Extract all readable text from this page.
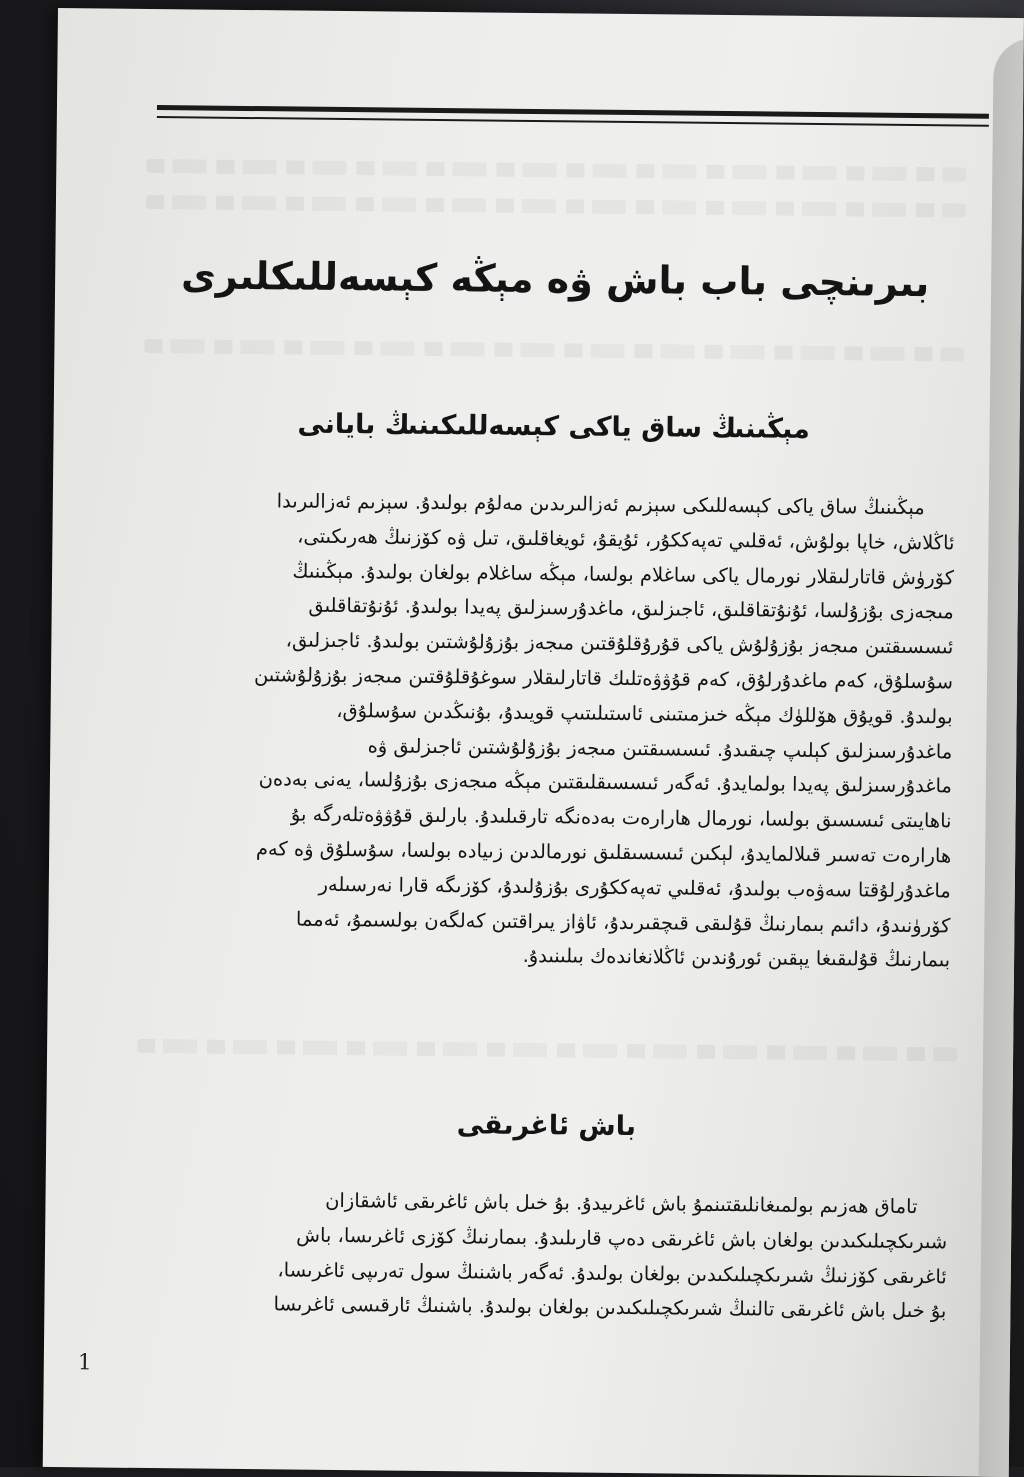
بىرىنچى باب باش ۋە مېڭە كېسەللىكلىرى
مېڭىنىڭ ساق ياكى كېسەللىكىنىڭ بايانى
مېڭىنىڭ ساق ياكى كېسەللىكى سېزىم ئەزالىرىدىن مەلۇم بولىدۇ. سېزىم ئەزالىرىدا
ئاڭلاش، خاپا بولۇش، ئەقلىي تەپەككۇر، ئۇيقۇ، ئويغاقلىق، تىل ۋە كۆزنىڭ ھەرىكىتى،
كۆرۈش قاتارلىقلار نورمال ياكى ساغلام بولسا، مېڭە ساغلام بولغان بولىدۇ. مېڭىنىڭ
مىجەزى بۇزۇلسا، ئۇنۇتقاقلىق، ئاجىزلىق، ماغدۇرسىزلىق پەيدا بولىدۇ. ئۇنۇتقاقلىق
ئىسسىقتىن مىجەز بۇزۇلۇش ياكى قۇرۇقلۇقتىن مىجەز بۇزۇلۇشتىن بولىدۇ. ئاجىزلىق،
سۇسلۇق، كەم ماغدۇرلۇق، كەم قۇۋۋەتلىك قاتارلىقلار سوغۇقلۇقتىن مىجەز بۇزۇلۇشتىن
بولىدۇ. قويۇق ھۆللۈك مېڭە خىزمىتىنى ئاستىلىتىپ قويىدۇ، بۇنىڭدىن سۇسلۇق،
ماغدۇرسىزلىق كېلىپ چىقىدۇ. ئىسسىقتىن مىجەز بۇزۇلۇشتىن ئاجىزلىق ۋە
ماغدۇرسىزلىق پەيدا بولمايدۇ. ئەگەر ئىسسىقلىقتىن مېڭە مىجەزى بۇزۇلسا، يەنى بەدەن
ناھايىتى ئىسسىق بولسا، نورمال ھارارەت بەدەنگە تارقىلىدۇ. بارلىق قۇۋۋەتلەرگە بۇ
ھارارەت تەسىر قىلالمايدۇ، لېكىن ئىسسىقلىق نورمالدىن زىيادە بولسا، سۇسلۇق ۋە كەم
ماغدۇرلۇقتا سەۋەب بولىدۇ، ئەقلىي تەپەككۇرى بۇزۇلىدۇ، كۆزىگە قارا نەرسىلەر
كۆرۈنىدۇ، دائىم بىمارنىڭ قۇلىقى قىچقىرىدۇ، ئاۋاز يىراقتىن كەلگەن بولسىمۇ، ئەمما
بىمارنىڭ قۇلىقىغا يېقىن ئورۇندىن ئاڭلانغاندەك بىلىنىدۇ.
باش ئاغرىقى
تاماق ھەزىم بولمىغانلىقتىنمۇ باش ئاغرىيدۇ. بۇ خىل باش ئاغرىقى ئاشقازان
شىرىكچىلىكىدىن بولغان باش ئاغرىقى دەپ قارىلىدۇ. بىمارنىڭ كۆزى ئاغرىسا، باش
ئاغرىقى كۆزنىڭ شىرىكچىلىكىدىن بولغان بولىدۇ. ئەگەر باشنىڭ سول تەرىپى ئاغرىسا،
بۇ خىل باش ئاغرىقى تالنىڭ شىرىكچىلىكىدىن بولغان بولىدۇ. باشنىڭ ئارقىسى ئاغرىسا
1
